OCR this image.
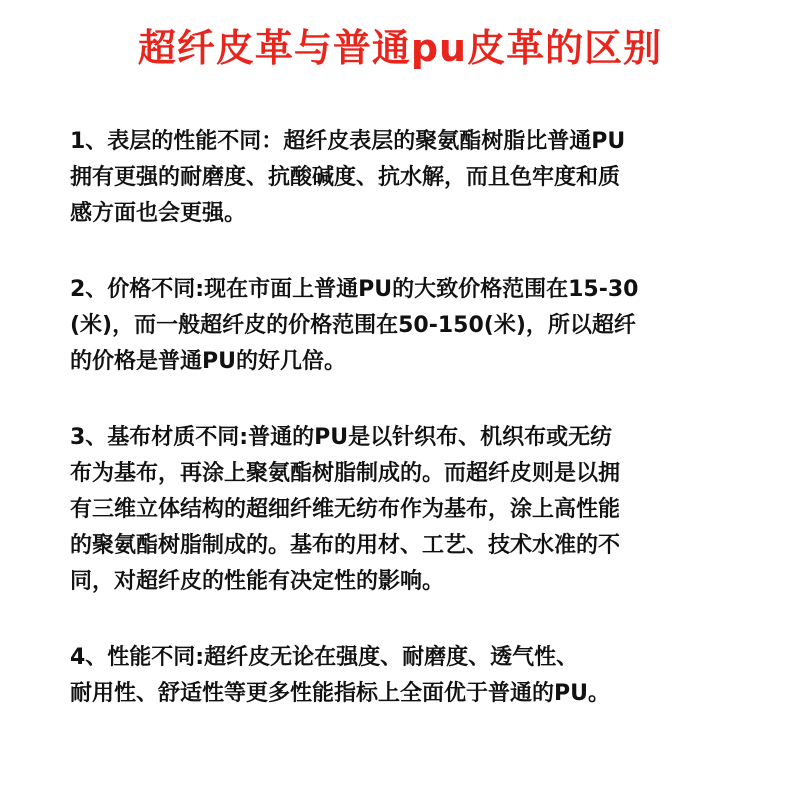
超纤皮革与普通pu皮革的区别

1、表层的性能不同：超纤皮表层的聚氨酯树脂比普通PU
拥有更强的耐磨度、抗酸碱度、抗水解，而且色牢度和质
感方面也会更强。

2、价格不同:现在市面上普通PU的大致价格范围在15-30
(米)，而一般超纤皮的价格范围在50-150(米)，所以超纤
的价格是普通PU的好几倍。

3、基布材质不同:普通的PU是以针织布、机织布或无纺
布为基布，再涂上聚氨酯树脂制成的。而超纤皮则是以拥
有三维立体结构的超细纤维无纺布作为基布，涂上高性能
的聚氨酯树脂制成的。基布的用材、工艺、技术水准的不
同，对超纤皮的性能有决定性的影响。

4、性能不同:超纤皮无论在强度、耐磨度、透气性、
耐用性、舒适性等更多性能指标上全面优于普通的PU。
